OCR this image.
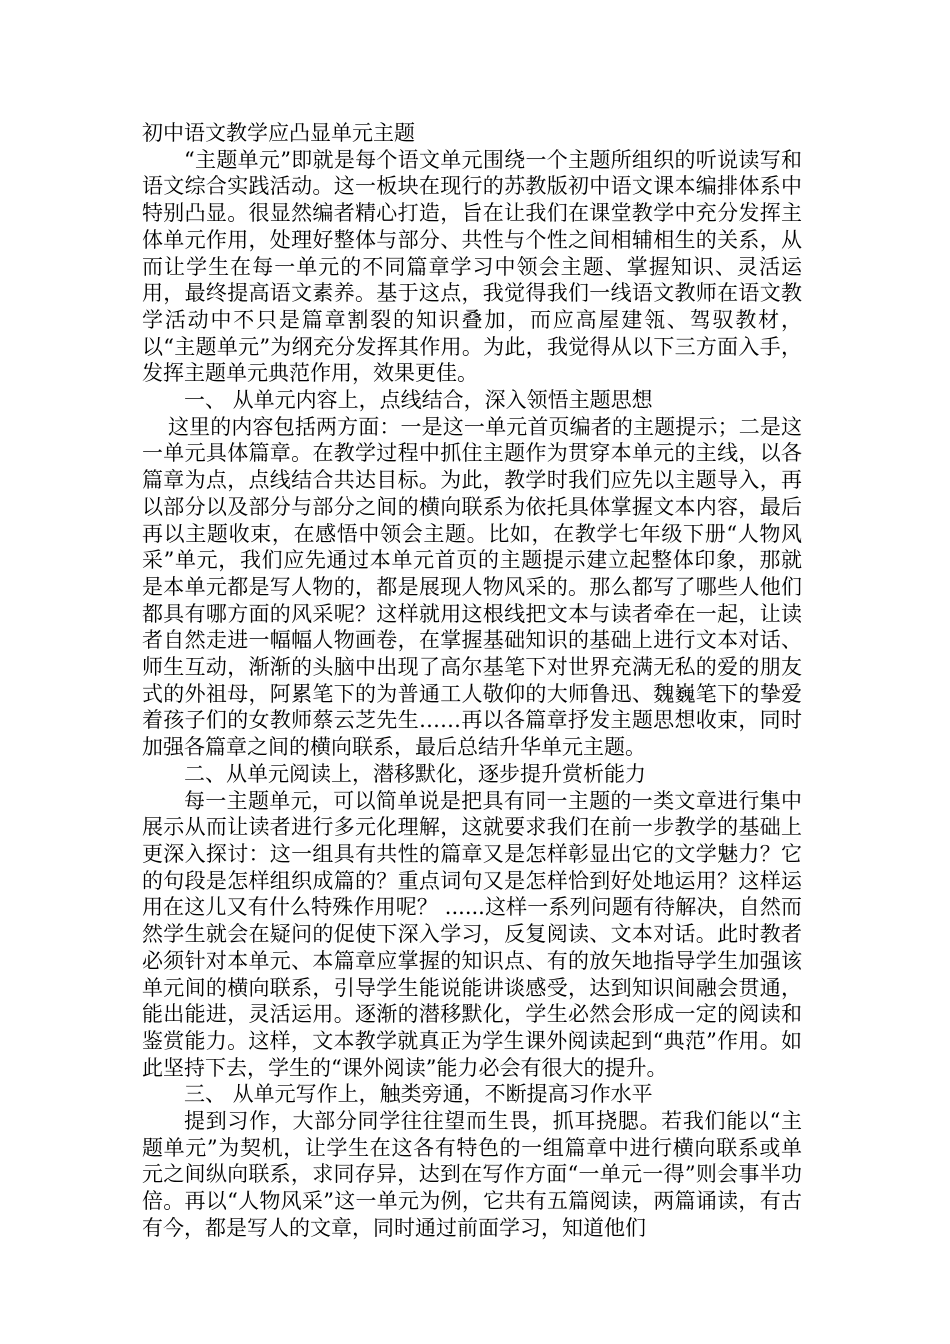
初中语文教学应凸显单元主题

“主题单元”即就是每个语文单元围绕一个主题所组织的听说读写和语文综合实践活动。这一板块在现行的苏教版初中语文课本编排体系中特别凸显。很显然编者精心打造，旨在让我们在课堂教学中充分发挥主体单元作用，处理好整体与部分、共性与个性之间相辅相生的关系，从而让学生在每一单元的不同篇章学习中领会主题、掌握知识、灵活运用，最终提高语文素养。基于这点，我觉得我们一线语文教师在语文教学活动中不只是篇章割裂的知识叠加，而应高屋建瓴、驾驭教材，以“主题单元”为纲充分发挥其作用。为此，我觉得从以下三方面入手，发挥主题单元典范作用，效果更佳。

一、 从单元内容上，点线结合，深入领悟主题思想

这里的内容包括两方面：一是这一单元首页编者的主题提示；二是这一单元具体篇章。在教学过程中抓住主题作为贯穿本单元的主线，以各篇章为点，点线结合共达目标。为此，教学时我们应先以主题导入，再以部分以及部分与部分之间的横向联系为依托具体掌握文本内容，最后再以主题收束，在感悟中领会主题。比如，在教学七年级下册“人物风采”单元，我们应先通过本单元首页的主题提示建立起整体印象，那就是本单元都是写人物的，都是展现人物风采的。那么都写了哪些人他们都具有哪方面的风采呢？这样就用这根线把文本与读者牵在一起，让读者自然走进一幅幅人物画卷，在掌握基础知识的基础上进行文本对话、师生互动，渐渐的头脑中出现了高尔基笔下对世界充满无私的爱的朋友式的外祖母，阿累笔下的为普通工人敬仰的大师鲁迅、魏巍笔下的挚爱着孩子们的女教师蔡云芝先生……再以各篇章抒发主题思想收束，同时加强各篇章之间的横向联系，最后总结升华单元主题。

二、从单元阅读上，潜移默化，逐步提升赏析能力

每一主题单元，可以简单说是把具有同一主题的一类文章进行集中展示从而让读者进行多元化理解，这就要求我们在前一步教学的基础上更深入探讨：这一组具有共性的篇章又是怎样彰显出它的文学魅力？它的句段是怎样组织成篇的？重点词句又是怎样恰到好处地运用？这样运用在这儿又有什么特殊作用呢？ ......这样一系列问题有待解决，自然而然学生就会在疑问的促使下深入学习，反复阅读、文本对话。此时教者必须针对本单元、本篇章应掌握的知识点、有的放矢地指导学生加强该单元间的横向联系，引导学生能说能讲谈感受，达到知识间融会贯通，能出能进，灵活运用。逐渐的潜移默化，学生必然会形成一定的阅读和鉴赏能力。这样，文本教学就真正为学生课外阅读起到“典范”作用。如此坚持下去，学生的“课外阅读”能力必会有很大的提升。

三、 从单元写作上，触类旁通，不断提高习作水平

提到习作，大部分同学往往望而生畏，抓耳挠腮。若我们能以“主题单元”为契机，让学生在这各有特色的一组篇章中进行横向联系或单元之间纵向联系，求同存异，达到在写作方面“一单元一得”则会事半功倍。再以“人物风采”这一单元为例，它共有五篇阅读，两篇诵读，有古有今，都是写人的文章，同时通过前面学习，知道他们
